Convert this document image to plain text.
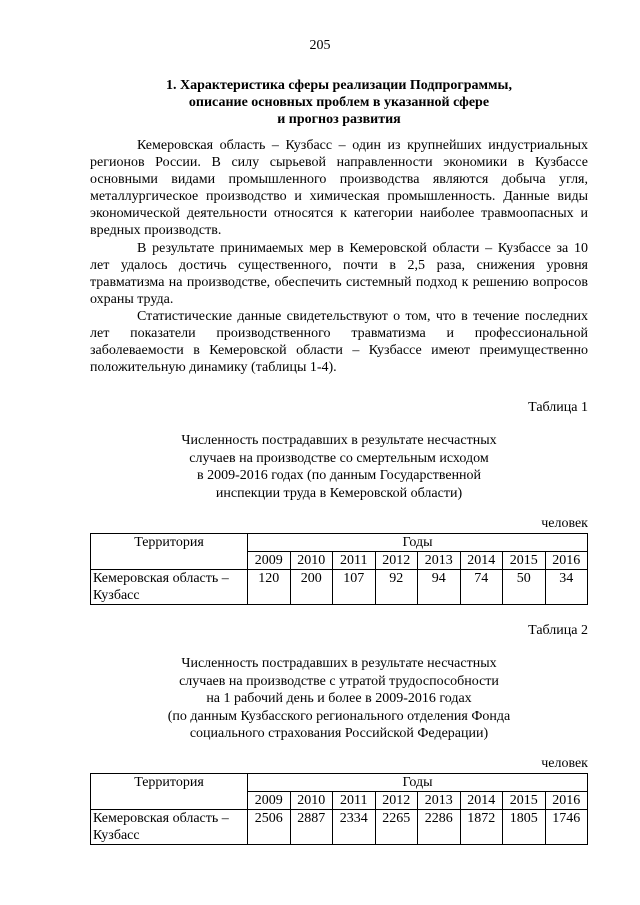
205
1. Характеристика сферы реализации Подпрограммы,
описание основных проблем в указанной сфере
и прогноз развития

Кемеровская область – Кузбасс – один из крупнейших индустриальных регионов России. В силу сырьевой направленности экономики в Кузбассе основными видами промышленного производства являются добыча угля, металлургическое производство и химическая промышленность. Данные виды экономической деятельности относятся к категории наиболее травмоопасных и вредных производств.

В результате принимаемых мер в Кемеровской области – Кузбассе за 10 лет удалось достичь существенного, почти в 2,5 раза, снижения уровня травматизма на производстве, обеспечить системный подход к решению вопросов охраны труда.

Статистические данные свидетельствуют о том, что в течение последних лет показатели производственного травматизма и профессиональной заболеваемости в Кемеровской области – Кузбассе имеют преимущественно положительную динамику (таблицы 1-4).

Таблица 1
Численность пострадавших в результате несчастных
случаев на производстве со смертельным исходом
в 2009-2016 годах (по данным Государственной
инспекции труда в Кемеровской области)
человек
Территория	Годы							
	2009	2010	2011	2012	2013	2014	2015	2016
Кемеровская область – Кузбасс	120	200	107	92	94	74	50	34
Таблица 2
Численность пострадавших в результате несчастных
случаев на производстве с утратой трудоспособности
на 1 рабочий день и более в 2009-2016 годах
(по данным Кузбасского регионального отделения Фонда
социального страхования Российской Федерации)
человек
Территория	Годы							
	2009	2010	2011	2012	2013	2014	2015	2016
Кемеровская область – Кузбасс	2506	2887	2334	2265	2286	1872	1805	1746
